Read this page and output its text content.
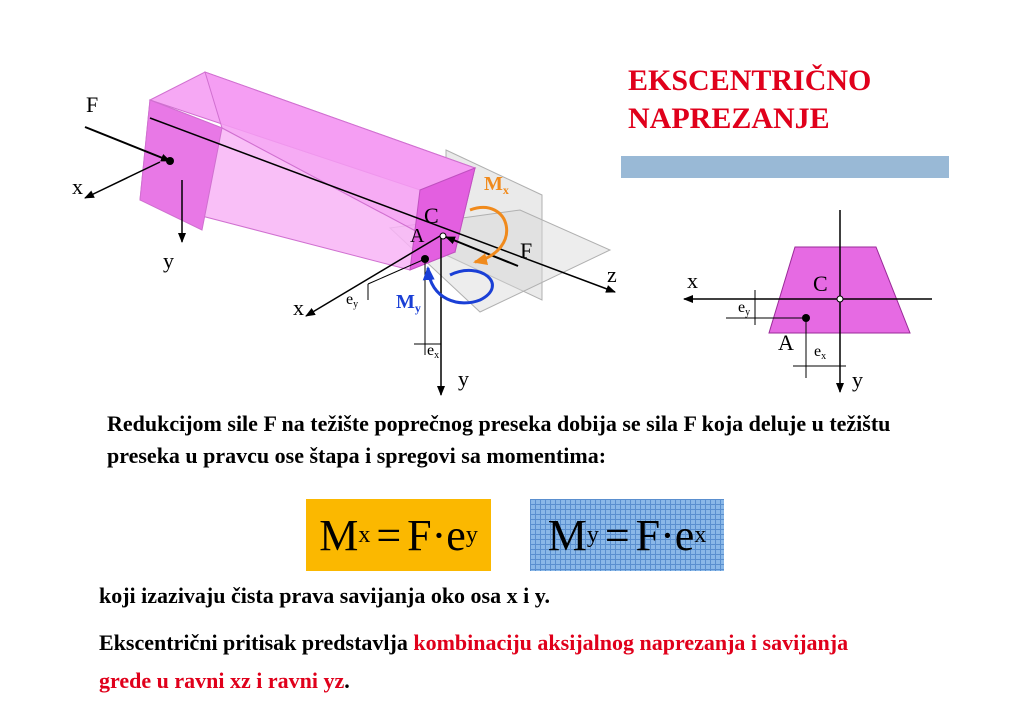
EKSCENTRIČNO
NAPREZANJE
F
x
y
C
A
$M_x$
F
z
x	ey $M_y$
ex
y
x	C
ey
A ex
y
Redukcijom sile F na težište poprečnog preseka dobija se sila F koja deluje u težištu preseka u pravcu ose štapa i spregovi sa momentima:
M x = F · e y M y = F · e x
koji izazivaju čista prava savijanja oko osa x i y.
Ekscentrični pritisak predstavlja kombinaciju aksijalnog naprezanja i savijanja grede u ravni xz i ravni yz.
